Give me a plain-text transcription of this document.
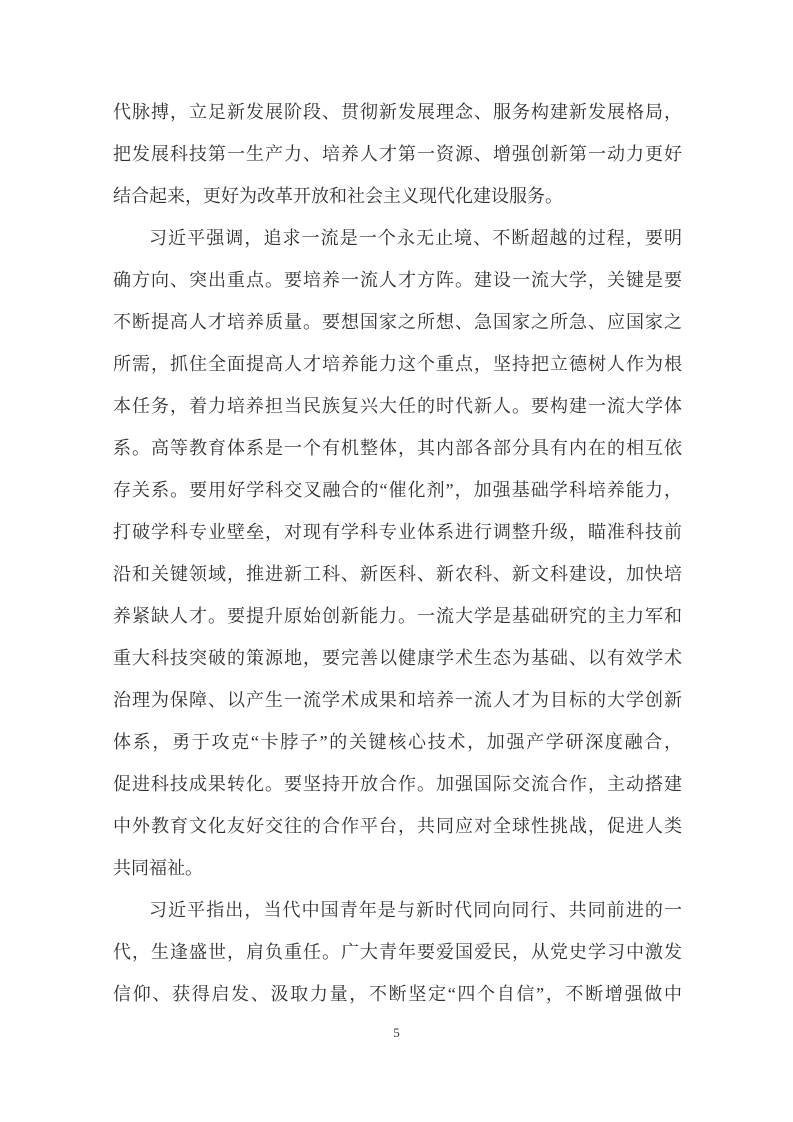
代脉搏，立足新发展阶段、贯彻新发展理念、服务构建新发展格局，
把发展科技第一生产力、培养人才第一资源、增强创新第一动力更好
结合起来，更好为改革开放和社会主义现代化建设服务。
习近平强调，追求一流是一个永无止境、不断超越的过程，要明
确方向、突出重点。要培养一流人才方阵。建设一流大学，关键是要
不断提高人才培养质量。要想国家之所想、急国家之所急、应国家之
所需，抓住全面提高人才培养能力这个重点，坚持把立德树人作为根
本任务，着力培养担当民族复兴大任的时代新人。要构建一流大学体
系。高等教育体系是一个有机整体，其内部各部分具有内在的相互依
存关系。要用好学科交叉融合的“催化剂”，加强基础学科培养能力，
打破学科专业壁垒，对现有学科专业体系进行调整升级，瞄准科技前
沿和关键领域，推进新工科、新医科、新农科、新文科建设，加快培
养紧缺人才。要提升原始创新能力。一流大学是基础研究的主力军和
重大科技突破的策源地，要完善以健康学术生态为基础、以有效学术
治理为保障、以产生一流学术成果和培养一流人才为目标的大学创新
体系，勇于攻克“卡脖子”的关键核心技术，加强产学研深度融合，
促进科技成果转化。要坚持开放合作。加强国际交流合作，主动搭建
中外教育文化友好交往的合作平台，共同应对全球性挑战，促进人类
共同福祉。
习近平指出，当代中国青年是与新时代同向同行、共同前进的一
代，生逢盛世，肩负重任。广大青年要爱国爱民，从党史学习中激发
信仰、获得启发、汲取力量，不断坚定“四个自信”，不断增强做中
5
